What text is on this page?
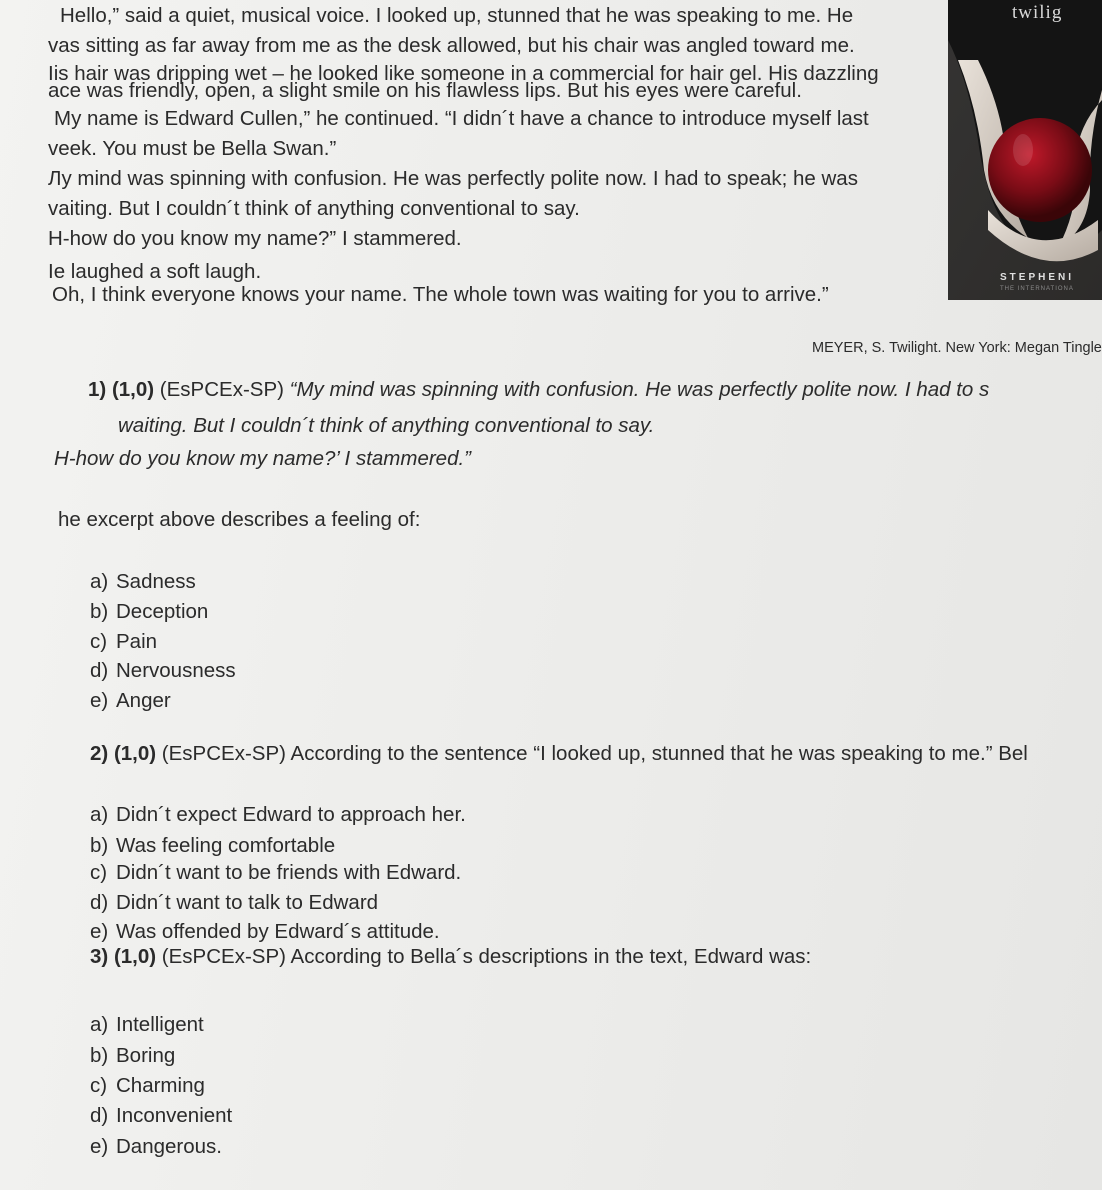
Hello,” said a quiet, musical voice. I looked up, stunned that he was speaking to me. He
vas sitting as far away from me as the desk allowed, but his chair was angled toward me.
Iis hair was dripping wet – he looked like someone in a commercial for hair gel. His dazzling
ace was friendly, open, a slight smile on his flawless lips. But his eyes were careful.
My name is Edward Cullen,” he continued. “I didn´t have a chance to introduce myself last
veek. You must be Bella Swan.”
Лy mind was spinning with confusion. He was perfectly polite now. I had to speak; he was
vaiting. But I couldn´t think of anything conventional to say.
H-how do you know my name?” I stammered.
Ie laughed a soft laugh.
Oh, I think everyone knows your name. The whole town was waiting for you to arrive.”
twilig
STEPHENI
THE INTERNATIONA
MEYER, S. Twilight. New York: Megan Tingle
1) (1,0) (EsPCEx-SP) “My mind was spinning with confusion. He was perfectly polite now. I had to s
waiting. But I couldn´t think of anything conventional to say.
H-how do you know my name?’ I stammered.”
he excerpt above describes a feeling of:
a) Sadness
b) Deception
c) Pain
d) Nervousness
e) Anger
2) (1,0) (EsPCEx-SP) According to the sentence “I looked up, stunned that he was speaking to me.” Bel
a) Didn´t expect Edward to approach her.
b) Was feeling comfortable
c) Didn´t want to be friends with Edward.
d) Didn´t want to talk to Edward
e) Was offended by Edward´s attitude.
3) (1,0) (EsPCEx-SP) According to Bella´s descriptions in the text, Edward was:
a) Intelligent
b) Boring
c) Charming
d) Inconvenient
e) Dangerous.
